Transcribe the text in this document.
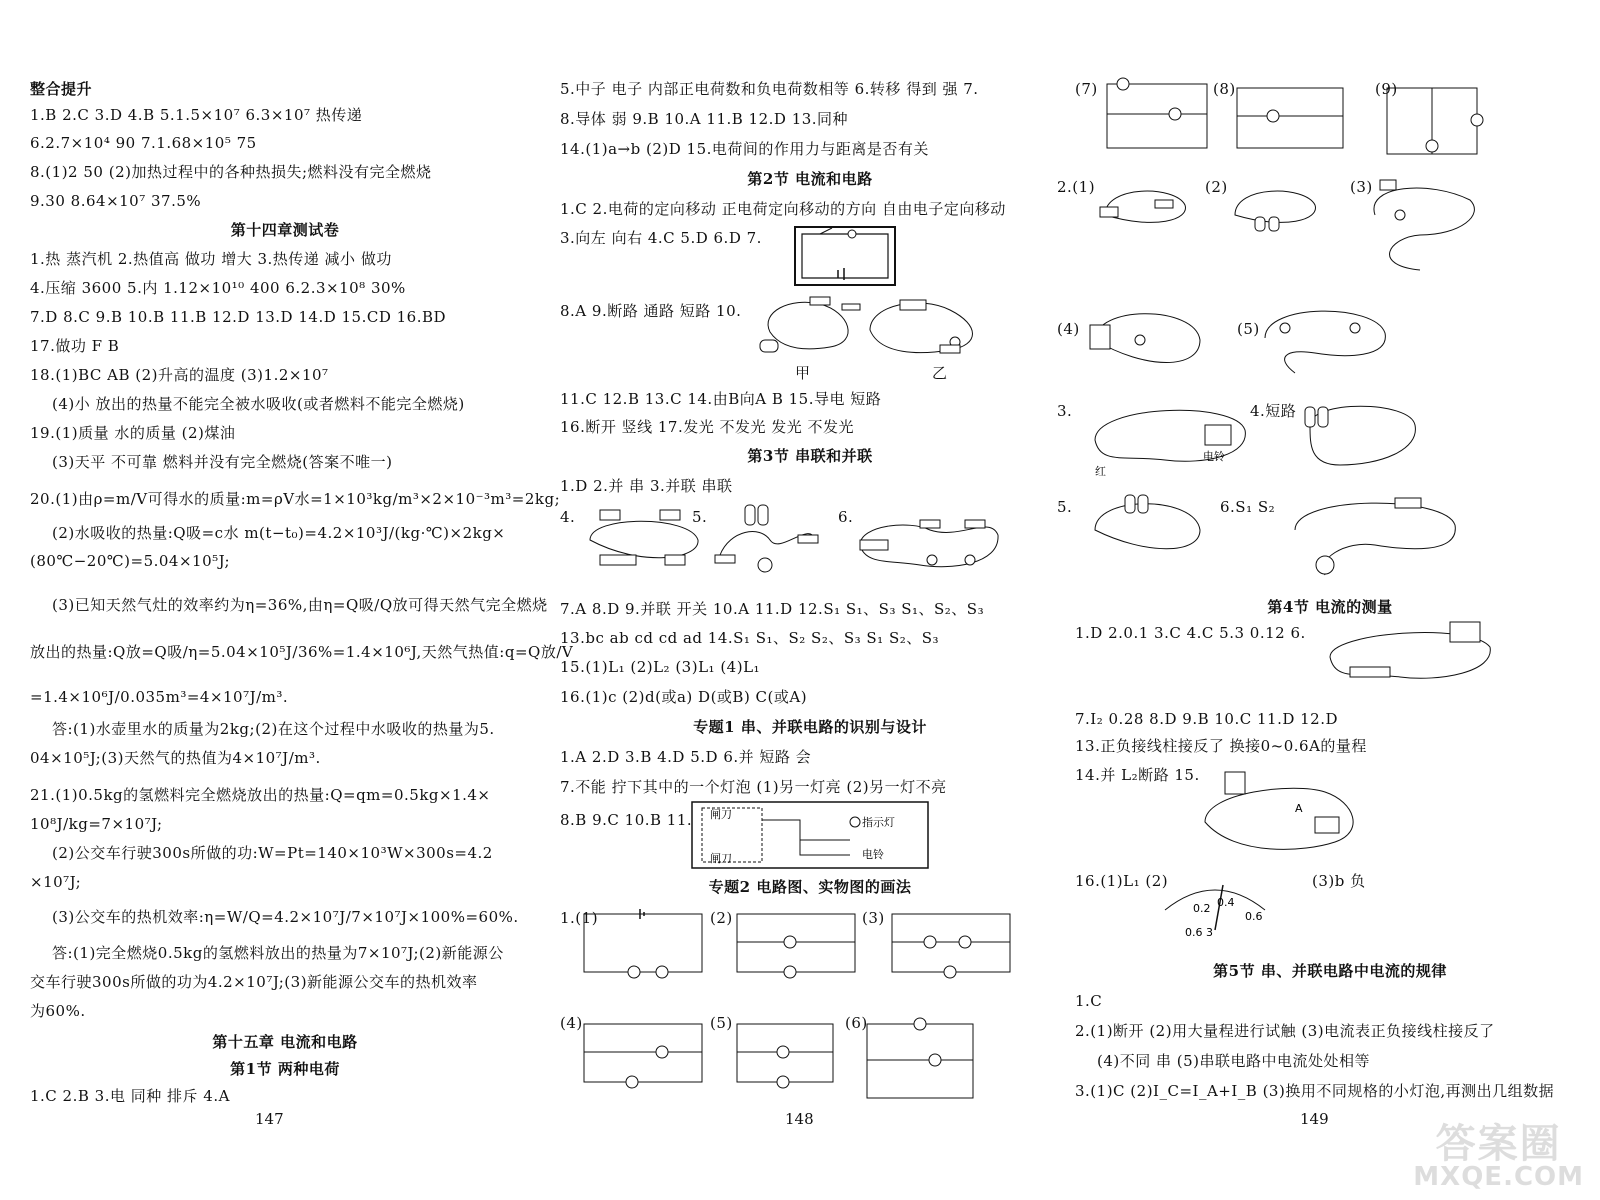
整合提升
1.B 2.C 3.D 4.B 5.1.5×10⁷ 6.3×10⁷ 热传递
6.2.7×10⁴ 90 7.1.68×10⁵ 75
8.(1)2 50 (2)加热过程中的各种热损失;燃料没有完全燃烧
9.30 8.64×10⁷ 37.5%
第十四章测试卷
1.热 蒸汽机 2.热值高 做功 增大 3.热传递 减小 做功
4.压缩 3600 5.内 1.12×10¹⁰ 400 6.2.3×10⁸ 30%
7.D 8.C 9.B 10.B 11.B 12.D 13.D 14.D 15.CD 16.BD
17.做功 F B
18.(1)BC AB (2)升高的温度 (3)1.2×10⁷
(4)小 放出的热量不能完全被水吸收(或者燃料不能完全燃烧)
19.(1)质量 水的质量 (2)煤油
(3)天平 不可靠 燃料并没有完全燃烧(答案不唯一)
20.(1)由ρ=m/V可得水的质量:m=ρV水=1×10³kg/m³×2×10⁻³m³=2kg;
(2)水吸收的热量:Q吸=c水 m(t−t₀)=4.2×10³J/(kg·℃)×2kg×
(80℃−20℃)=5.04×10⁵J;
(3)已知天然气灶的效率约为η=36%,由η=Q吸/Q放可得天然气完全燃烧
放出的热量:Q放=Q吸/η=5.04×10⁵J/36%=1.4×10⁶J,天然气热值:q=Q放/V
=1.4×10⁶J/0.035m³=4×10⁷J/m³.
答:(1)水壶里水的质量为2kg;(2)在这个过程中水吸收的热量为5.
04×10⁵J;(3)天然气的热值为4×10⁷J/m³.
21.(1)0.5kg的氢燃料完全燃烧放出的热量:Q=qm=0.5kg×1.4×
10⁸J/kg=7×10⁷J;
(2)公交车行驶300s所做的功:W=Pt=140×10³W×300s=4.2
×10⁷J;
(3)公交车的热机效率:η=W/Q=4.2×10⁷J/7×10⁷J×100%=60%.
答:(1)完全燃烧0.5kg的氢燃料放出的热量为7×10⁷J;(2)新能源公
交车行驶300s所做的功为4.2×10⁷J;(3)新能源公交车的热机效率
为60%.
第十五章 电流和电路
第1节 两种电荷
1.C 2.B 3.电 同种 排斥 4.A
147
5.中子 电子 内部正电荷数和负电荷数相等 6.转移 得到 强 7.
8.导体 弱 9.B 10.A 11.B 12.D 13.同种
14.(1)a→b (2)D 15.电荷间的作用力与距离是否有关
第2节 电流和电路
1.C 2.电荷的定向移动 正电荷定向移动的方向 自由电子定向移动
3.向左 向右 4.C 5.D 6.D 7.
8.A 9.断路 通路 短路 10.
甲	乙
11.C 12.B 13.C 14.由B向A B 15.导电 短路
16.断开 竖线 17.发光 不发光 发光 不发光
第3节 串联和并联
1.D 2.并 串 3.并联 串联
4.	5.	6.
7.A 8.D 9.并联 开关 10.A 11.D 12.S₁ S₁、S₃ S₁、S₂、S₃
13.bc ab cd cd ad 14.S₁ S₁、S₂ S₂、S₃ S₁ S₂、S₃
15.(1)L₁ (2)L₂ (3)L₁ (4)L₁
16.(1)c (2)d(或a) D(或B) C(或A)
专题1 串、并联电路的识别与设计
1.A 2.D 3.B 4.D 5.D 6.并 短路 会
7.不能 拧下其中的一个灯泡 (1)另一灯亮 (2)另一灯不亮
8.B 9.C 10.B 11. 闸刀
闸刀
指示灯
电铃
专题2 电路图、实物图的画法
1.(1)	(2)	(3)
(4)	(5)	(6)
148
(7)	(8)	(9)
2.(1)	(2)	(3)
(4)	(5)
3.
红
电铃
4.短路
5.	6.S₁ S₂
第4节 电流的测量
1.D 2.0.1 3.C 4.C 5.3 0.12 6.
7.I₂ 0.28 8.D 9.B 10.C 11.D 12.D
13.正负接线柱接反了 换接0~0.6A的量程
14.并 L₂断路 15.
A
16.(1)L₁ (2)
0.2 0.4
0.6
0.6 3
(3)b 负
第5节 串、并联电路中电流的规律
1.C
2.(1)断开 (2)用大量程进行试触 (3)电流表正负接线柱接反了
(4)不同 串 (5)串联电路中电流处处相等
3.(1)C (2)I_C=I_A+I_B (3)换用不同规格的小灯泡,再测出几组数据
149
答案圈
MXQE.COM
